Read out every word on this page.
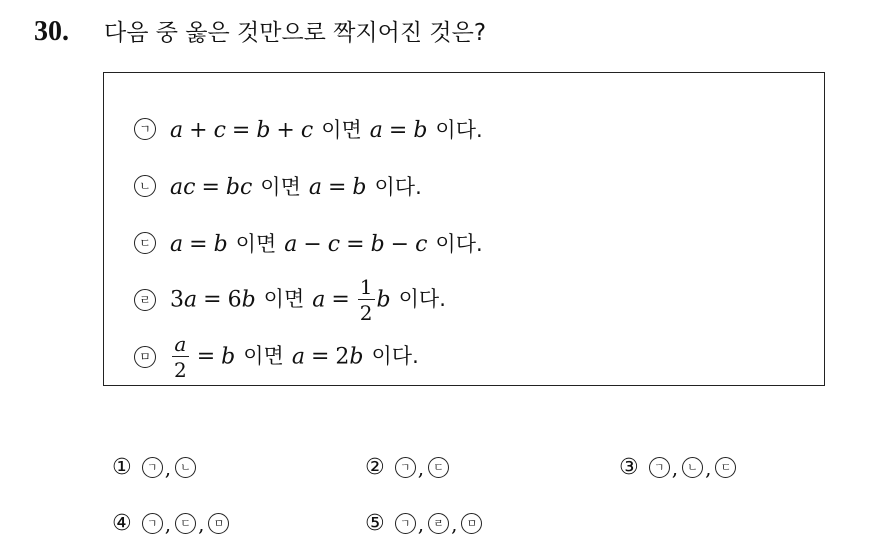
30.	다음 중 옳은 것만으로 짝지어진 것은?
ㄱ a + c = b + c 이면 a = b 이다.
ㄴ ac = bc 이면 a = b 이다.
ㄷ a = b 이면 a − c = b − c 이다.
ㄹ 3a = 6b 이면 $a = \frac{1}{2}$ b 이다.
ㅁ $\frac{a}{2} = b$ 이면 a = 2b 이다.
①	ㄱ , ㄴ	②	ㄱ , ㄷ	③	ㄱ , ㄴ , ㄷ
④	ㄱ , ㄷ , ㅁ	⑤	ㄱ , ㄹ , ㅁ
